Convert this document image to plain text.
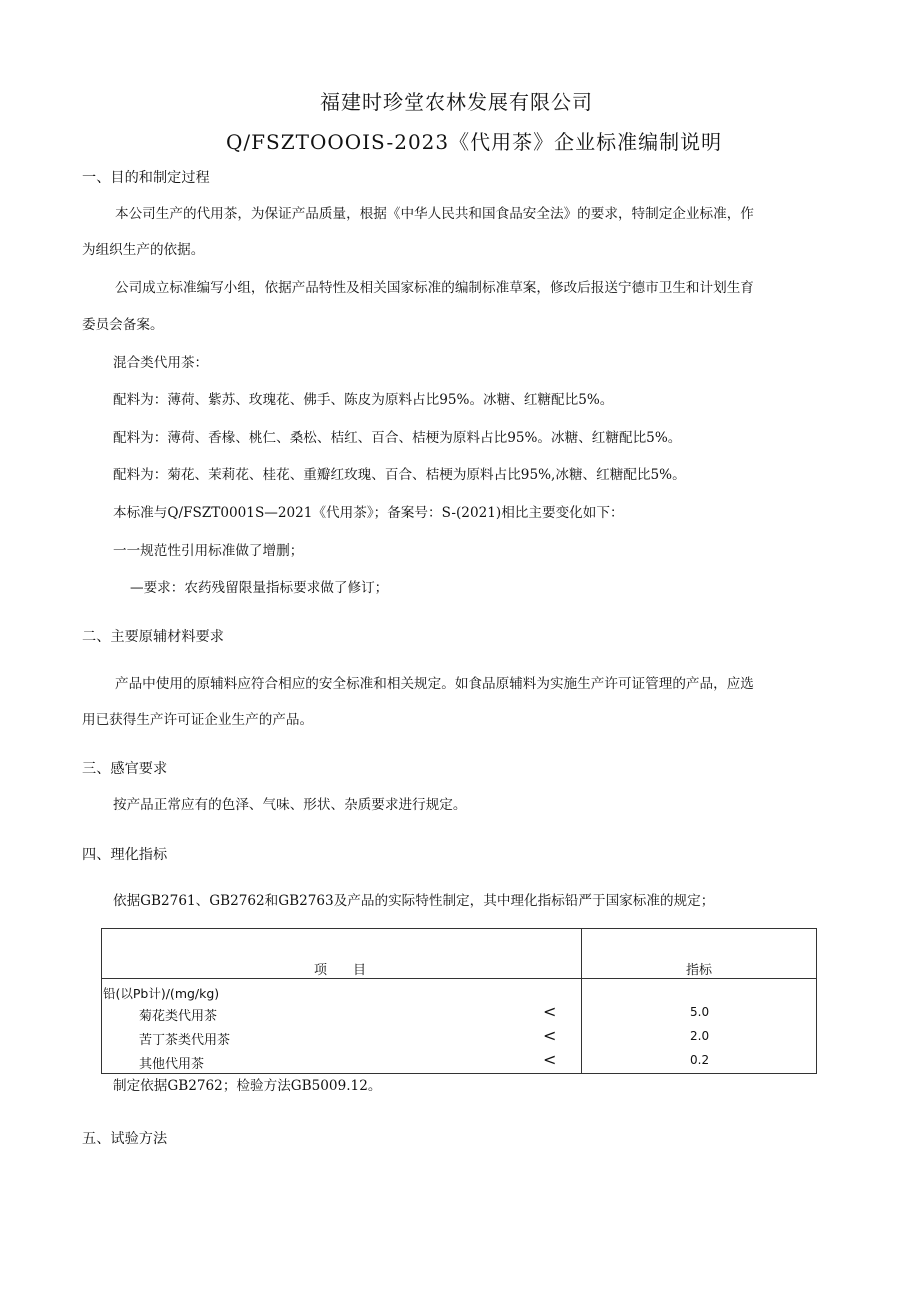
福建时珍堂农林发展有限公司
Q/FSZTOOOIS-2023《代用茶》企业标准编制说明
一、目的和制定过程
本公司生产的代用茶，为保证产品质量，根据《中华人民共和国食品安全法》的要求，特制定企业标准，作
为组织生产的依据。
公司成立标准编写小组，依据产品特性及相关国家标准的编制标准草案，修改后报送宁德市卫生和计划生育
委员会备案。
混合类代用茶：
配料为：薄荷、紫苏、玫瑰花、佛手、陈皮为原料占比95%。冰糖、红糖配比5%。
配料为：薄荷、香椽、桃仁、桑松、桔红、百合、桔梗为原料占比95%。冰糖、红糖配比5%。
配料为：菊花、茉莉花、桂花、重瓣红玫瑰、百合、桔梗为原料占比95%,冰糖、红糖配比5%。
本标准与Q/FSZT0001S—2021《代用茶》；备案号：S-(2021)相比主要变化如下：
一一规范性引用标准做了增删；
—要求：农药残留限量指标要求做了修订；
二、主要原辅材料要求
产品中使用的原辅料应符合相应的安全标准和相关规定。如食品原辅料为实施生产许可证管理的产品，应选
用已获得生产许可证企业生产的产品。
三、感官要求
按产品正常应有的色泽、气味、形状、杂质要求进行规定。
四、理化指标
依据GB2761、GB2762和GB2763及产品的实际特性制定，其中理化指标铅严于国家标准的规定；
项　　目	指标
铅(以Pb计)/(mg/kg)
菊花类代用茶	<	5.0
苦丁茶类代用茶	<	2.0
其他代用茶	<	0.2
制定依据GB2762；检验方法GB5009.12。
五、试验方法
